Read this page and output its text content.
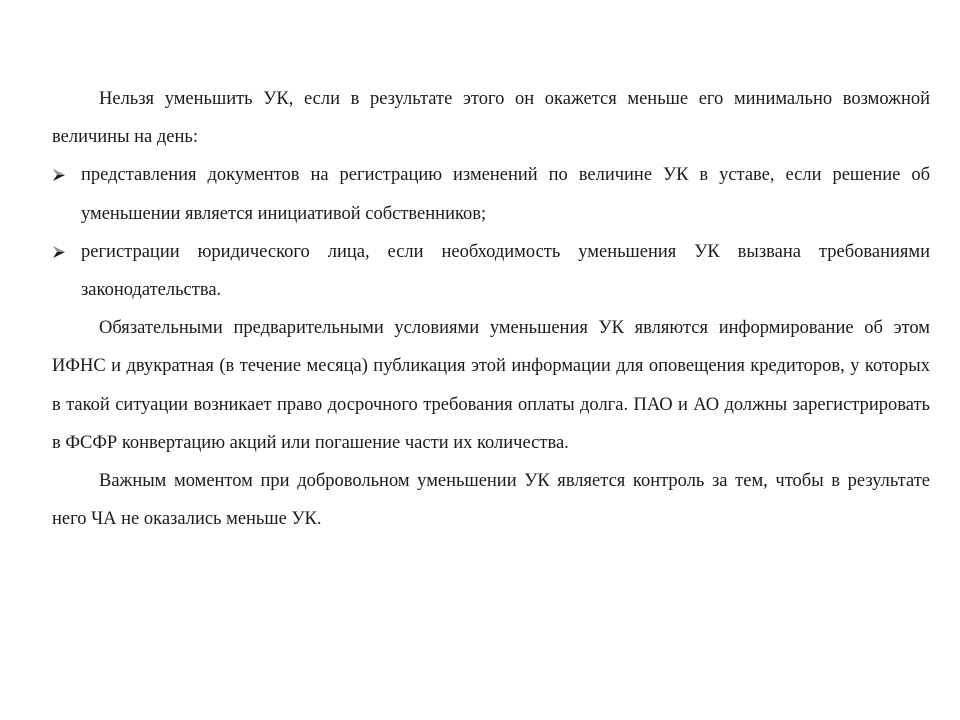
Нельзя уменьшить УК, если в результате этого он окажется меньше его минимально возможной величины на день:

представления документов на регистрацию изменений по величине УК в уставе, если решение об уменьшении является инициативой собственников;
регистрации юридического лица, если необходимость уменьшения УК вызвана требованиями законодательства.

Обязательными предварительными условиями уменьшения УК являются информирование об этом ИФНС и двукратная (в течение месяца) публикация этой информации для оповещения кредиторов, у которых в такой ситуации возникает право досрочного требования оплаты долга. ПАО и АО должны зарегистрировать в ФСФР конвертацию акций или погашение части их количества.

Важным моментом при добровольном уменьшении УК является контроль за тем, чтобы в результате него ЧА не оказались меньше УК.
